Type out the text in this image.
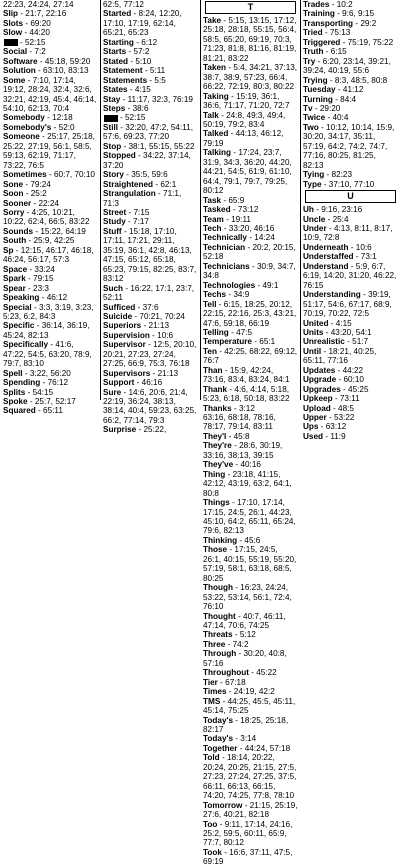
22:23, 24:24, 27:14
Slip - 21:7, 22:16
Slots - 69:20
Slow - 44:20
- 52:15
Social - 7:2
Software - 45:18, 59:20
Solution - 63:10, 83:13
Some - 7:10, 17:14, 19:12, 28:24, 32:4, 32:6, 32:21, 42:19, 45:4, 46:14, 54:10, 62:13, 70:4
Somebody - 12:18
Somebody's - 52:0
Someone - 25:17, 25:18, 25:22, 27:19, 56:1, 58:5, 59:13, 62:19, 71:17, 73:22, 76:5
Sometimes - 60:7, 70:10
Sone - 79:24
Soon - 25:2
Sooner - 22:24
Sorry - 4:25, 10:21, 10:22, 62:4, 66:5, 83:22
Sounds - 15:22, 64:19
South - 25:9, 42:25
Sp - 12:15, 46:17, 46:18, 46:24, 56:17, 57:3
Space - 33:24
Spark - 79:15
Spear - 23:3
Speaking - 46:12
Special - 3:3, 3:19, 3:23, 5:23, 6:2, 84:3
Specific - 36:14, 36:19, 45:24, 82:13
Specifically - 41:6, 47:22, 54:5, 63:20, 78:9, 79:7, 83:10
Spell - 3:22, 56:20
Spending - 76:12
Splits - 54:15
Spoke - 25:7, 52:17
Squared - 65:11
62:5, 77:12
Started - 8:24, 12:20, 17:10, 17:19, 62:14, 65:21, 65:23
Starting - 6:12
Starts - 57:2
Stated - 5:10
Statement - 5:11
Statements - 5:5
States - 4:15
Stay - 11:17, 32:3, 76:19
Steps - 38:6
- 52:15
Still - 32:20, 47:2, 54:11, 57:6, 69:23, 77:20
Stop - 38:1, 55:15, 55:22
Stopped - 34:22, 37:14, 37:20
Story - 35:5, 59:6
Straightened - 62:1
Strangulation - 71:1, 71:3
Street - 7:15
Study - 7:17
Stuff - 15:18, 17:10, 17:11, 17:21, 29:11, 35:19, 36:1, 42:8, 46:13, 47:15, 65:12, 65:18, 65:23, 79:15, 82:25, 83:7, 83:12
Such - 16:22, 17:1, 23:7, 52:11
Sufficed - 37:6
Suicide - 70:21, 70:24
Superiors - 21:13
Supervision - 10:6
Supervisor - 12:5, 20:10, 20:21, 27:23, 27:24, 27:25, 66:9, 75:3, 76:18
Supervisors - 21:13
Support - 46:16
Sure - 14:6, 20:6, 21:4, 22:19, 36:24, 38:13, 38:14, 40:4, 59:23, 63:25, 66:2, 77:14, 79:3
Surprise - 25:22,
T
Take - 5:15, 13:15, 17:12, 25:18, 28:18, 55:15, 56:4, 58:5, 65:20, 69:19, 70:3, 71:23, 81:8, 81:16, 81:19, 81:21, 83:22
Taken - 5:4, 34:21, 37:13, 38:7, 38:9, 57:23, 66:4, 66:22, 72:19, 80:3, 80:22
Taking - 15:19, 36:1, 36:6, 71:17, 71:20, 72:7
Talk - 24:8, 49:3, 49:4, 50:19, 79:2, 83:4
Talked - 44:13, 46:12, 79:19
Talking - 17:24, 23:7, 31:9, 34:3, 36:20, 44:20, 44:21, 54:5, 61:9, 61:10, 64:4, 79:1, 79:7, 79:25, 80:12
Task - 65:9
Tasked - 73:12
Team - 19:11
Tech - 33:20, 46:16
Technically - 14:24
Technician - 20:2, 20:15, 52:18
Technicians - 30:9, 34:7, 34:8
Technologies - 49:1
Techs - 34:9
Tell - 6:15, 18:25, 20:12, 22:15, 22:16, 25:3, 43:21, 47:6, 59:18, 66:19
Telling - 47:5
Temperature - 65:1
Ten - 42:25, 68:22, 69:12, 76:7
Than - 15:9, 42:24, 73:16, 83:4, 83:24, 84:1
Thank - 4:6, 4:14, 5:18, 5:23, 6:18, 50:18, 83:22
Thanks - 3:12
63:16, 68:18, 78:16, 78:17, 79:14, 83:11
They'l - 45:8
They're - 28:6, 30:19, 33:16, 38:13, 39:15
They've - 40:16
Thing - 23:18, 41:15, 42:12, 43:19, 63:2, 64:1, 80:8
Things - 17:10, 17:14, 17:15, 24:5, 26:1, 44:23, 45:10, 64:2, 65:11, 65:24, 79:6, 82:13
Thinking - 45:6
Those - 17:15, 24:5, 26:1, 40:15, 55:19, 55:20, 57:19, 58:1, 63:18, 68:5, 80:25
Though - 16:23, 24:24, 53:22, 53:14, 56:1, 72:4, 76:10
Thought - 40:7, 46:11, 47:14, 70:6, 74:25
Threats - 5:12
Three - 74:2
Through - 30:20, 40:8, 57:16
Throughout - 45:22
Tier - 67:18
Times - 24:19, 42:2
TMS - 44:25, 45:5, 45:11, 45:14, 75:25
Today's - 18:25, 25:18, 82:17
Today's - 3:14
Together - 44:24, 57:18
Told - 18:14, 20:22, 20:24, 20:25, 21:15, 27:5, 27:23, 27:24, 27:25, 37:5, 66:11, 66:13, 66:15, 74:20, 74:25, 77:8, 78:10
Tomorrow - 21:15, 25:19, 27:6, 40:21, 82:18
Too - 9:11, 17:14, 24:16, 25:2, 59:5, 60:11, 65:9, 77:7, 80:12
Took - 16:6, 37:11, 47:5, 69:19
Trades - 10:2
Training - 9:6, 9:15
Transporting - 29:2
Tried - 75:13
Triggered - 75:19, 75:22
Truth - 6:15
Try - 6:20, 23:14, 39:21, 39:24, 40:19, 55:6
Trying - 8:3, 48:5, 80:8
Tuesday - 41:12
Turning - 84:4
Tv - 29:20
Twice - 40:4
Two - 10:12, 10:14, 15:9, 30:20, 34:17, 35:11, 57:19, 64:2, 74:2, 74:7, 77:16, 80:25, 81:25, 82:13
Tying - 82:23
Type - 37:10, 77:10
U
Uh - 9:16, 23:16
Uncle - 25:4
Under - 4:13, 8:11, 8:17, 10:9, 72:8
Underneath - 10:6
Understaffed - 73:1
Understand - 5:9, 6:7, 6:19, 14:20, 31:20, 46:22, 76:15
Understanding - 39:19, 51:17, 54:6, 67:17, 68:9, 70:19, 70:22, 72:5
United - 4:15
Units - 43:20, 54:1
Unrealistic - 51:7
Until - 18:21, 40:25, 65:11, 77:16
Updates - 44:22
Upgrade - 60:10
Upgrades - 45:25
Upkeep - 73:11
Upload - 48:5
Upper - 53:22
Ups - 63:12
Used - 11:9
